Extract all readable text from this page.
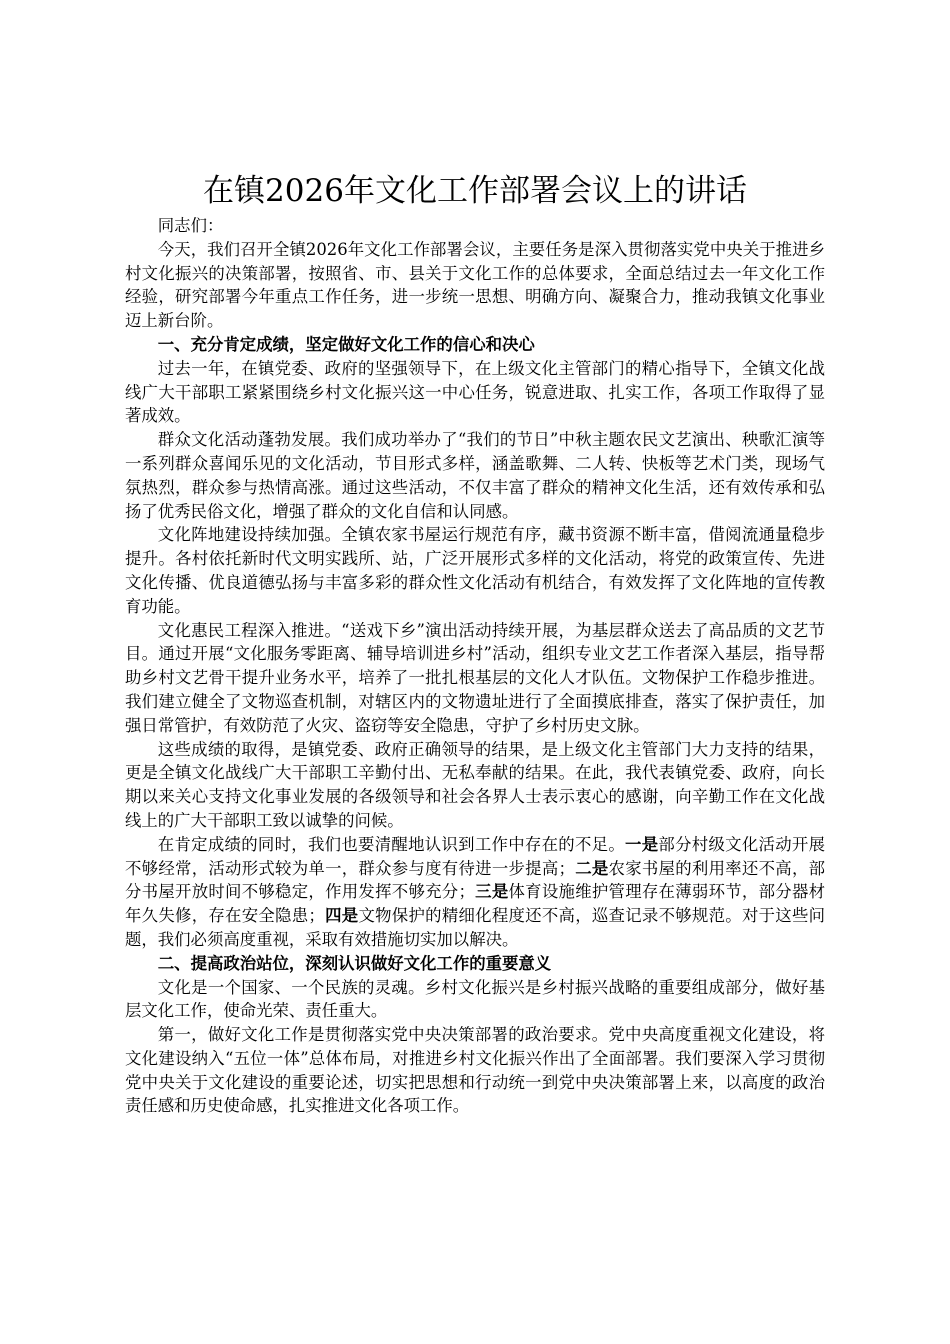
在镇2026年文化工作部署会议上的讲话

同志们：

今天，我们召开全镇2026年文化工作部署会议，主要任务是深入贯彻落实党中央关于推进乡村文化振兴的决策部署，按照省、市、县关于文化工作的总体要求，全面总结过去一年文化工作经验，研究部署今年重点工作任务，进一步统一思想、明确方向、凝聚合力，推动我镇文化事业迈上新台阶。

一、充分肯定成绩，坚定做好文化工作的信心和决心

过去一年，在镇党委、政府的坚强领导下，在上级文化主管部门的精心指导下，全镇文化战线广大干部职工紧紧围绕乡村文化振兴这一中心任务，锐意进取、扎实工作，各项工作取得了显著成效。

群众文化活动蓬勃发展。我们成功举办了“我们的节日”中秋主题农民文艺演出、秧歌汇演等一系列群众喜闻乐见的文化活动，节目形式多样，涵盖歌舞、二人转、快板等艺术门类，现场气氛热烈，群众参与热情高涨。通过这些活动，不仅丰富了群众的精神文化生活，还有效传承和弘扬了优秀民俗文化，增强了群众的文化自信和认同感。

文化阵地建设持续加强。全镇农家书屋运行规范有序，藏书资源不断丰富，借阅流通量稳步提升。各村依托新时代文明实践所、站，广泛开展形式多样的文化活动，将党的政策宣传、先进文化传播、优良道德弘扬与丰富多彩的群众性文化活动有机结合，有效发挥了文化阵地的宣传教育功能。

文化惠民工程深入推进。“送戏下乡”演出活动持续开展，为基层群众送去了高品质的文艺节目。通过开展“文化服务零距离、辅导培训进乡村”活动，组织专业文艺工作者深入基层，指导帮助乡村文艺骨干提升业务水平，培养了一批扎根基层的文化人才队伍。文物保护工作稳步推进。我们建立健全了文物巡查机制，对辖区内的文物遗址进行了全面摸底排查，落实了保护责任，加强日常管护，有效防范了火灾、盗窃等安全隐患，守护了乡村历史文脉。

这些成绩的取得，是镇党委、政府正确领导的结果，是上级文化主管部门大力支持的结果，更是全镇文化战线广大干部职工辛勤付出、无私奉献的结果。在此，我代表镇党委、政府，向长期以来关心支持文化事业发展的各级领导和社会各界人士表示衷心的感谢，向辛勤工作在文化战线上的广大干部职工致以诚挚的问候。

在肯定成绩的同时，我们也要清醒地认识到工作中存在的不足。一是部分村级文化活动开展不够经常，活动形式较为单一，群众参与度有待进一步提高；二是农家书屋的利用率还不高，部分书屋开放时间不够稳定，作用发挥不够充分；三是体育设施维护管理存在薄弱环节，部分器材年久失修，存在安全隐患；四是文物保护的精细化程度还不高，巡查记录不够规范。对于这些问题，我们必须高度重视，采取有效措施切实加以解决。

二、提高政治站位，深刻认识做好文化工作的重要意义

文化是一个国家、一个民族的灵魂。乡村文化振兴是乡村振兴战略的重要组成部分，做好基层文化工作，使命光荣、责任重大。

第一，做好文化工作是贯彻落实党中央决策部署的政治要求。党中央高度重视文化建设，将文化建设纳入“五位一体”总体布局，对推进乡村文化振兴作出了全面部署。我们要深入学习贯彻党中央关于文化建设的重要论述，切实把思想和行动统一到党中央决策部署上来，以高度的政治责任感和历史使命感，扎实推进文化各项工作。
